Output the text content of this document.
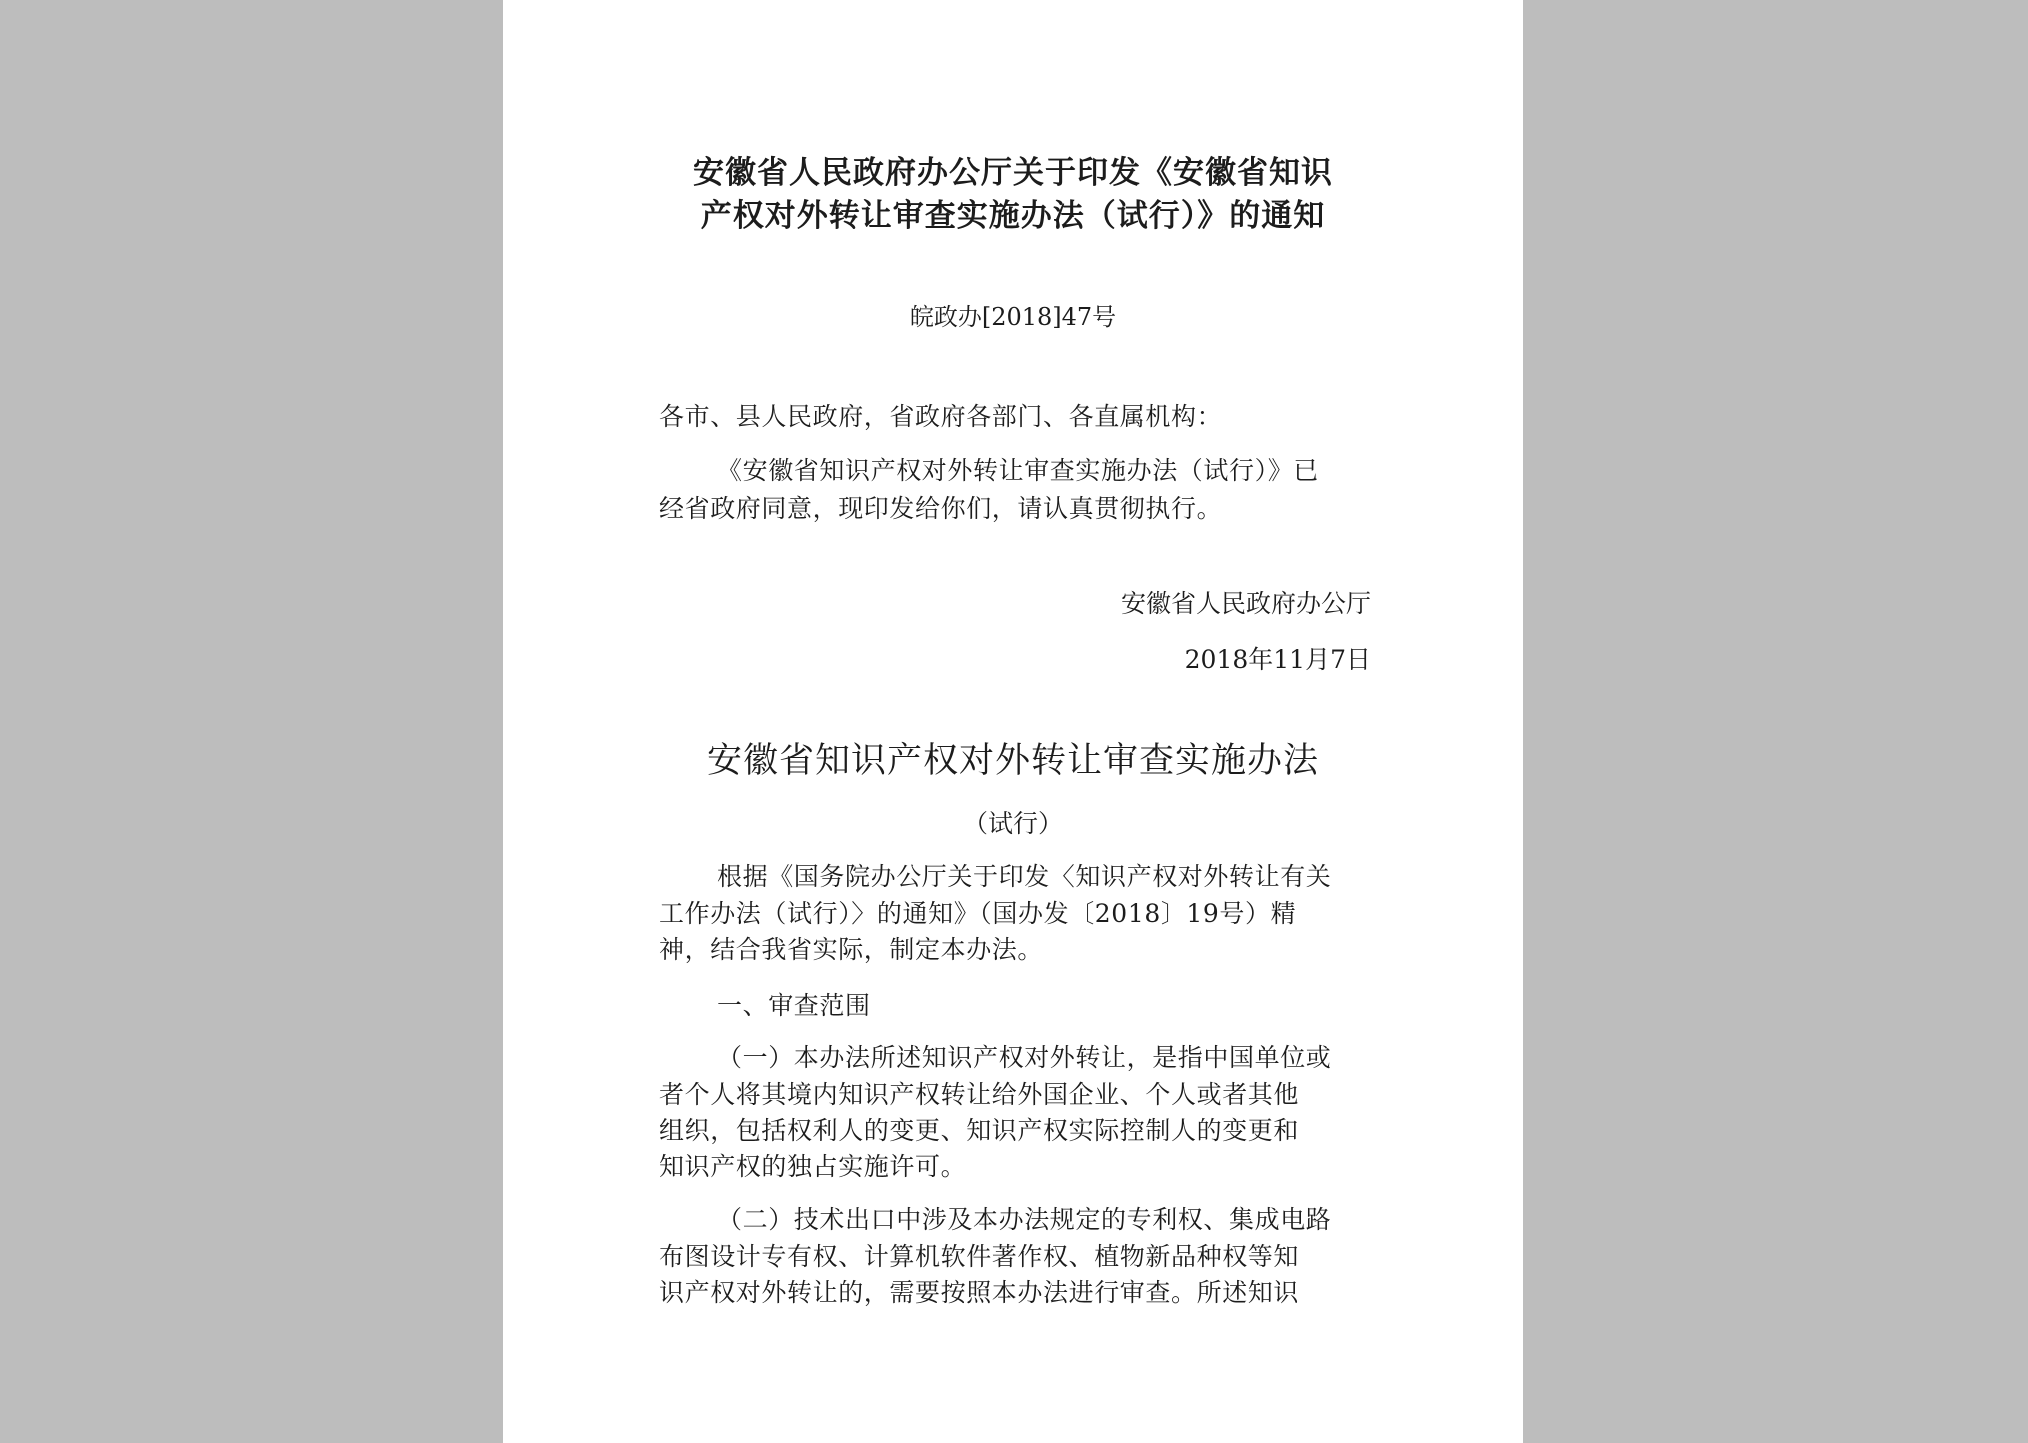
安徽省人民政府办公厅关于印发《安徽省知识
产权对外转让审查实施办法（试行）》的通知
皖政办[2018]47号
各市、县人民政府，省政府各部门、各直属机构：
《安徽省知识产权对外转让审查实施办法（试行）》已
经省政府同意，现印发给你们，请认真贯彻执行。
安徽省人民政府办公厅
2018年11月7日
安徽省知识产权对外转让审查实施办法
（试行）
根据《国务院办公厅关于印发〈知识产权对外转让有关
工作办法（试行）〉的通知》（国办发〔2018〕19号）精
神，结合我省实际，制定本办法。
一、审查范围
（一）本办法所述知识产权对外转让，是指中国单位或
者个人将其境内知识产权转让给外国企业、个人或者其他
组织，包括权利人的变更、知识产权实际控制人的变更和
知识产权的独占实施许可。
（二）技术出口中涉及本办法规定的专利权、集成电路
布图设计专有权、计算机软件著作权、植物新品种权等知
识产权对外转让的，需要按照本办法进行审查。所述知识
